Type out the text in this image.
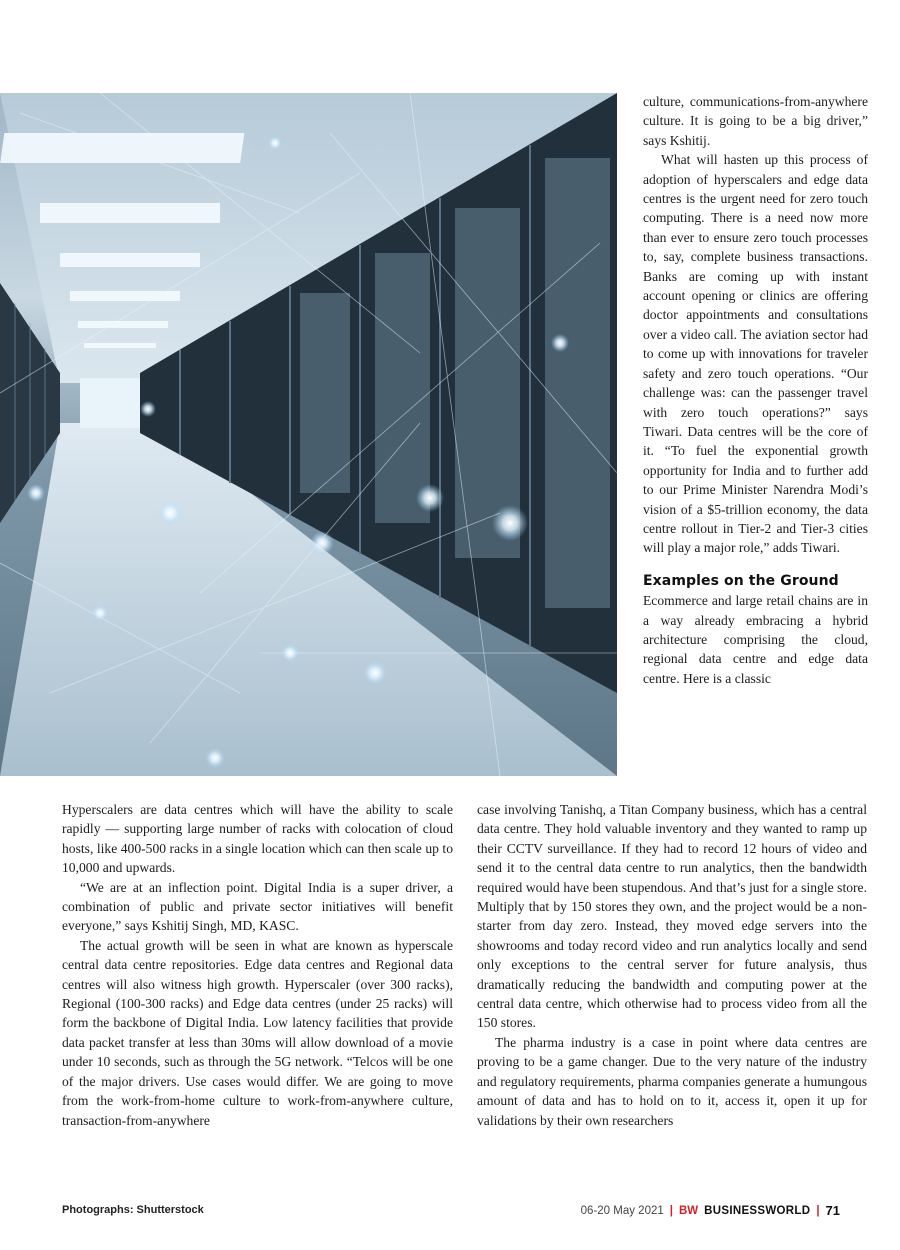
culture, communications-from-anywhere culture. It is going to be a big driver,” says Kshitij.

What will hasten up this process of adoption of hyperscalers and edge data centres is the urgent need for zero touch computing. There is a need now more than ever to ensure zero touch processes to, say, complete business transactions. Banks are coming up with instant account opening or clinics are offering doctor appointments and consultations over a video call. The aviation sector had to come up with innovations for traveler safety and zero touch operations. “Our challenge was: can the passenger travel with zero touch operations?” says Tiwari. Data centres will be the core of it. “To fuel the exponential growth opportunity for India and to further add to our Prime Minister Narendra Modi’s vision of a $5-trillion economy, the data centre rollout in Tier-2 and Tier-3 cities will play a major role,” adds Tiwari.

Examples on the Ground

Ecommerce and large retail chains are in a way already embracing a hybrid architecture comprising the cloud, regional data centre and edge data centre. Here is a classic

Hyperscalers are data centres which will have the ability to scale rapidly — supporting large number of racks with colocation of cloud hosts, like 400-500 racks in a single location which can then scale up to 10,000 and upwards.

“We are at an inflection point. Digital India is a super driver, a combination of public and private sector initiatives will benefit everyone,” says Kshitij Singh, MD, KASC.

The actual growth will be seen in what are known as hyperscale central data centre repositories. Edge data centres and Regional data centres will also witness high growth. Hyperscaler (over 300 racks), Regional (100-300 racks) and Edge data centres (under 25 racks) will form the backbone of Digital India. Low latency facilities that provide data packet transfer at less than 30ms will allow download of a movie under 10 seconds, such as through the 5G network. “Telcos will be one of the major drivers. Use cases would differ. We are going to move from the work-from-home culture to work-from-anywhere culture, transaction-from-anywhere

case involving Tanishq, a Titan Company business, which has a central data centre. They hold valuable inventory and they wanted to ramp up their CCTV surveillance. If they had to record 12 hours of video and send it to the central data centre to run analytics, then the bandwidth required would have been stupendous. And that’s just for a single store. Multiply that by 150 stores they own, and the project would be a non-starter from day zero. Instead, they moved edge servers into the showrooms and today record video and run analytics locally and send only exceptions to the central server for future analysis, thus dramatically reducing the bandwidth and computing power at the central data centre, which otherwise had to process video from all the 150 stores.

The pharma industry is a case in point where data centres are proving to be a game changer. Due to the very nature of the industry and regulatory requirements, pharma companies generate a humungous amount of data and has to hold on to it, access it, open it up for validations by their own researchers

Photographs: Shutterstock	06-20 May 2021 | BW BUSINESSWORLD | 71
